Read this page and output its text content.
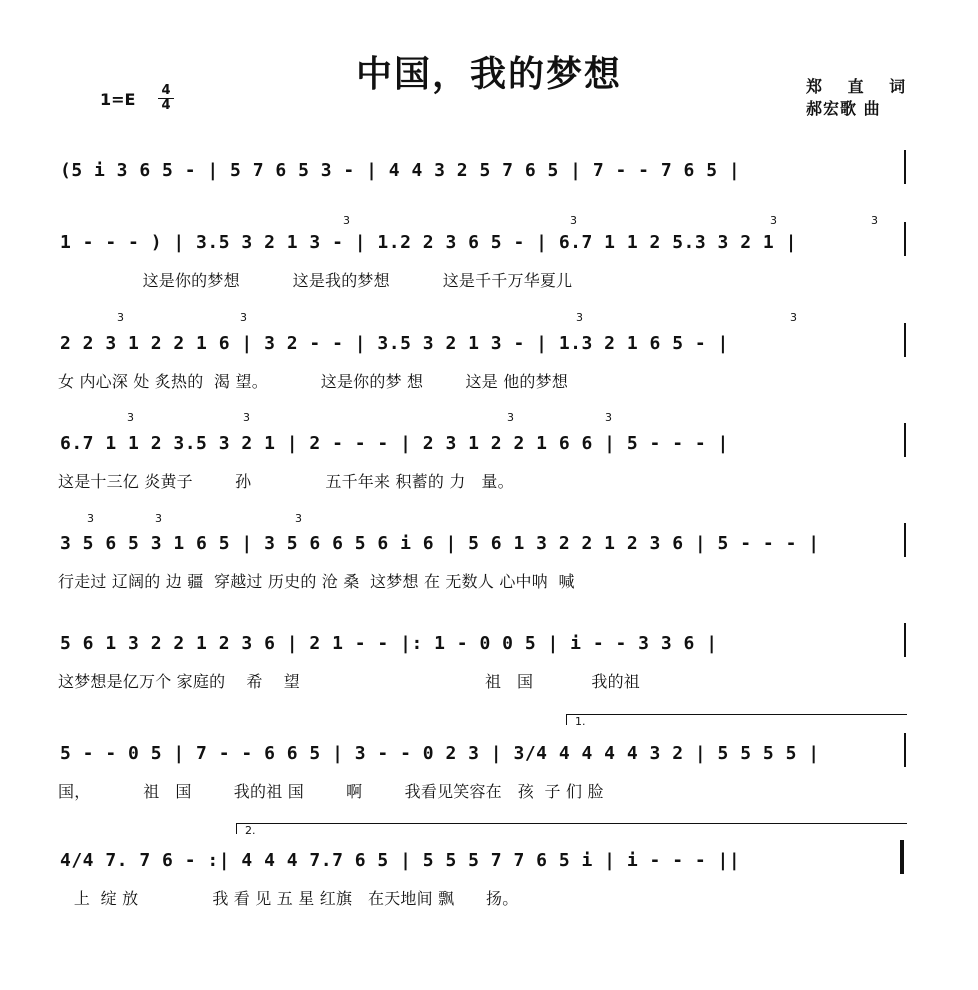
中国，我的梦想
1=E 4
4
郑 直 词
郝宏歌 曲
(5 i 3 6 5 - | 5 7 6 5 3 - | 4 4 3 2 5 7 6 5 | 7 - - 7 6 5 |
3	3	3	3
1 - - - ) | 3.5 3 2 1 3 - | 1.2 2 3 6 5 - | 6.7 1 1 2 5.3 3 2 1 |
这是你的梦想          这是我的梦想          这是千千万华夏儿
3	3	3	3
2 2 3 1 2 2 1 6 | 3 2 - - | 3.5 3 2 1 3 - | 1.3 2 1 6 5 - |
女 内心深 处 炙热的  渴 望。          这是你的梦 想        这是 他的梦想
3	3	3	3
6.7 1 1 2 3.5 3 2 1 | 2 - - - | 2 3 1 2 2 1 6 6 | 5 - - - |
这是十三亿 炎黄子        孙              五千年来 积蓄的 力   量。
3	3	3
3 5 6 5 3 1 6 5 | 3 5 6 6 5 6 i 6 | 5 6 1 3 2 2 1 2 3 6 | 5 - - - |
行走过 辽阔的 边 疆  穿越过 历史的 沧 桑  这梦想 在 无数人 心中呐  喊
5 6 1 3 2 2 1 2 3 6 | 2 1 - - |: 1 - 0 0 5 | i - - 3 3 6 |
这梦想是亿万个 家庭的    希    望                                   祖   国           我的祖
1.
5 - - 0 5 | 7 - - 6 6 5 | 3 - - 0 2 3 | 3/4 4 4 4 4 3 2 | 5 5 5 5 |
国，          祖   国        我的祖 国        啊        我看见笑容在   孩  子 们 脸
2.
4/4 7. 7 6 - :| 4 4 4 7.7 6 5 | 5 5 5 7 7 6 5 i | i - - - ||
上  绽 放              我 看 见 五 星 红旗   在天地间 飘      扬。
